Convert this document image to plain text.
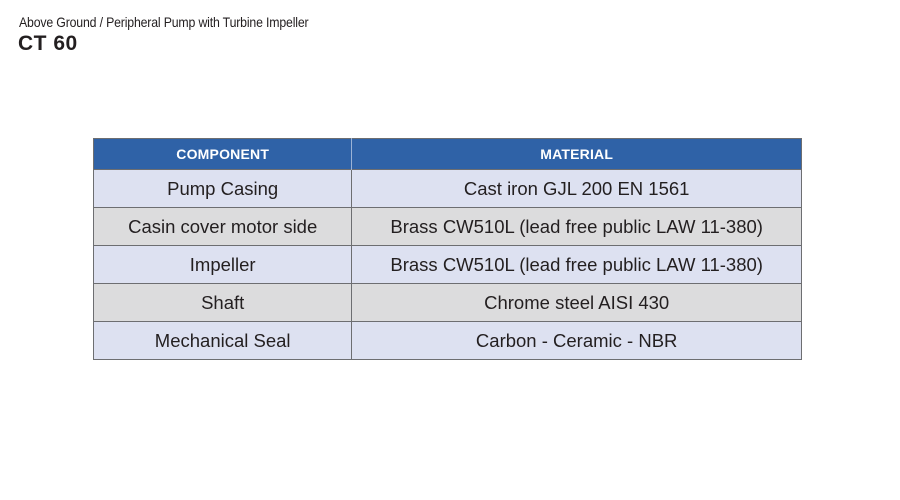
Above Ground / Peripheral Pump with Turbine Impeller
CT 60
COMPONENT	MATERIAL
Pump Casing	Cast iron GJL 200 EN 1561
Casin cover motor side	Brass CW510L (lead free public LAW 11-380)
Impeller	Brass CW510L (lead free public LAW 11-380)
Shaft	Chrome steel AISI 430
Mechanical Seal	Carbon - Ceramic - NBR
